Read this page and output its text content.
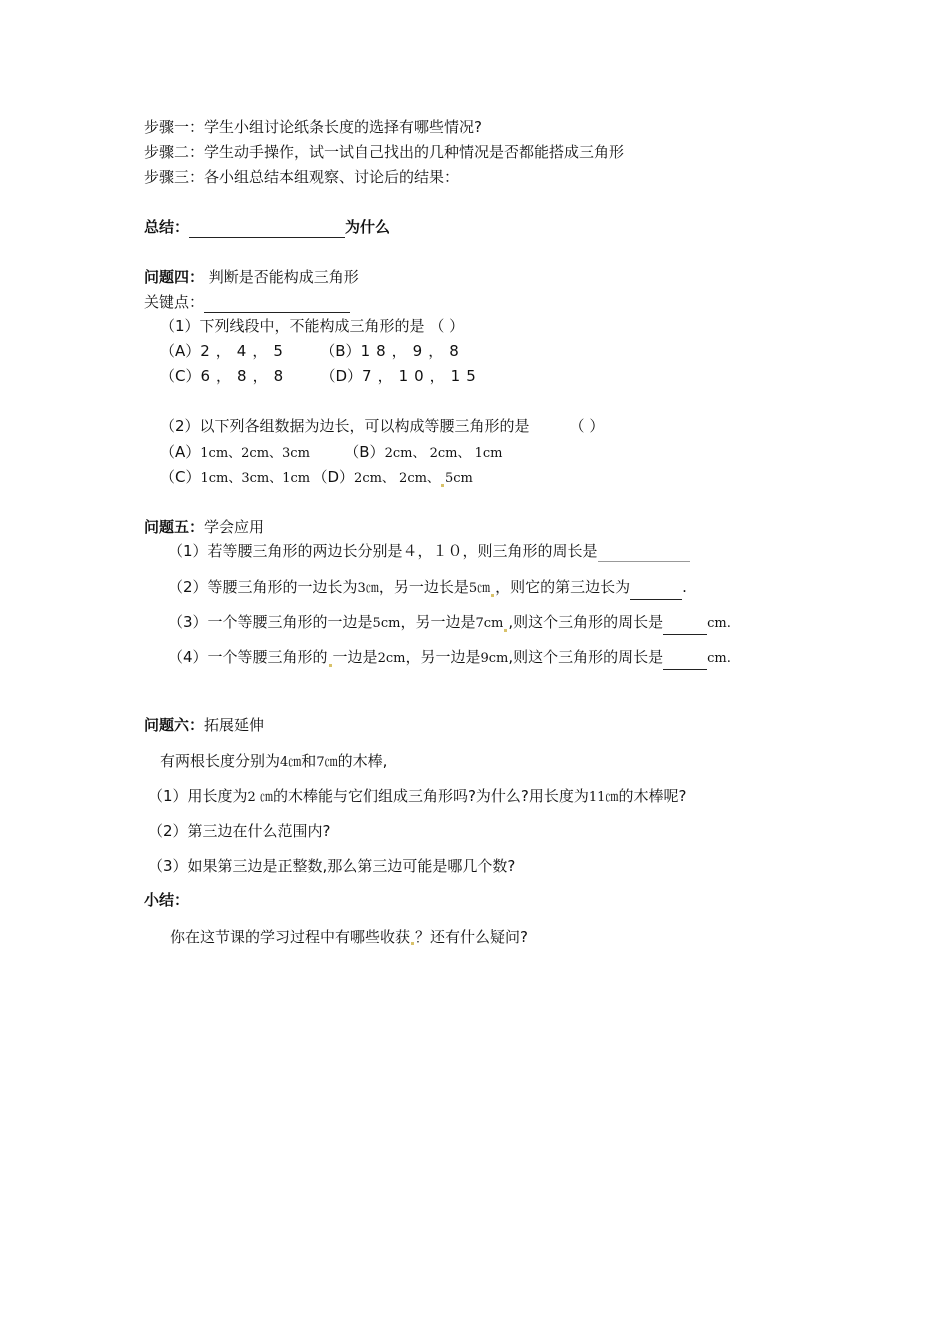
步骤一：学生小组讨论纸条长度的选择有哪些情况?
步骤二：学生动手操作，试一试自己找出的几种情况是否都能搭成三角形
步骤三：各小组总结本组观察、讨论后的结果：
总结：	为什么
问题四： 判断是否能构成三角形
关键点：
（1）下列线段中，不能构成三角形的是 （ ）
（A）2，4，5 （B）18，9，8
（C）6，8，8 （D）7，10，15
（2）以下列各组数据为边长，可以构成等腰三角形的是	（ ）
（A）1cm、2cm、3cm （B）2cm、 2cm、 1cm
（C）1cm、3cm、1cm （D）2cm、 2cm、 5cm
问题五：学会应用
（1）若等腰三角形的两边长分别是４，１０，则三角形的周长是
（2）等腰三角形的一边长为3㎝，另一边长是5㎝ ，则它的第三边长为	.
（3）一个等腰三角形的一边是5cm，另一边是7cm ,则这个三角形的周长是	cm.
（4）一个等腰三角形的 一边是2cm，另一边是9cm,则这个三角形的周长是	cm.
问题六：拓展延伸
有两根长度分别为4㎝和7㎝的木棒,
（1）用长度为2 ㎝的木棒能与它们组成三角形吗?为什么?用长度为11㎝的木棒呢?
（2）第三边在什么范围内?
（3）如果第三边是正整数,那么第三边可能是哪几个数?
小结：
你在这节课的学习过程中有哪些收获 ？还有什么疑问?
